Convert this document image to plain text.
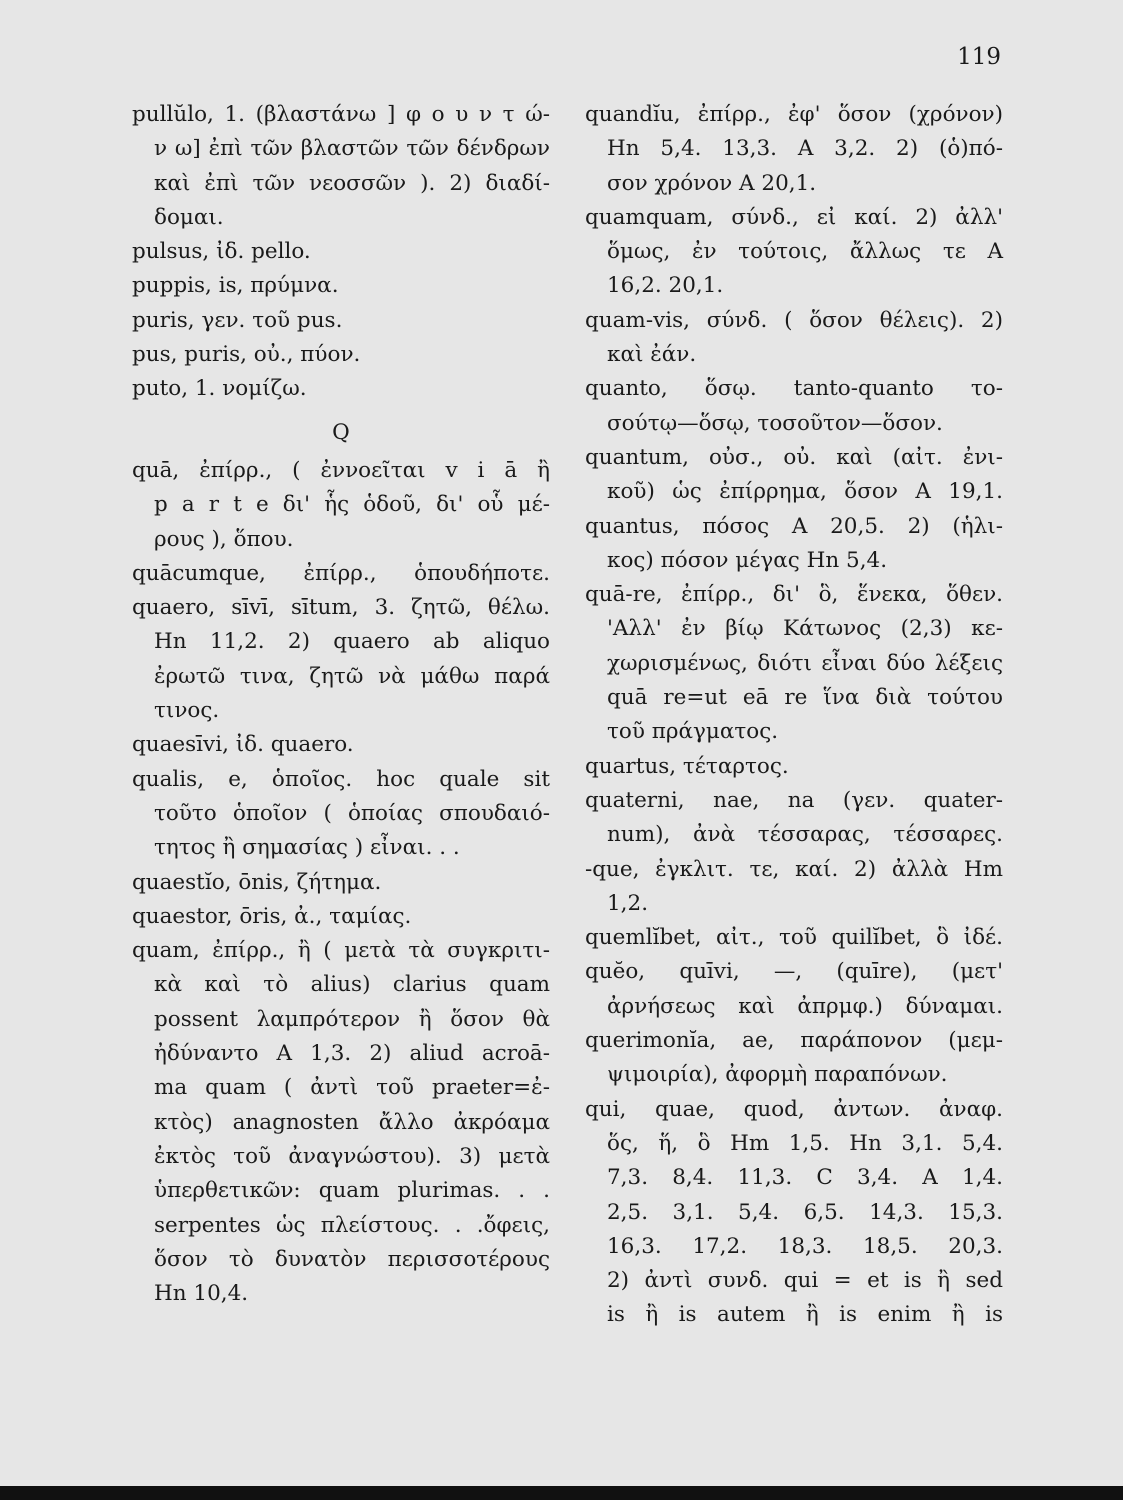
119
pullŭlo, 1. (βλαστάνω ] φ ο υ ν τ ώ-
ν ω] ἐπὶ τῶν βλαστῶν τῶν δένδρων
καὶ ἐπὶ τῶν νεοσσῶν ). 2) διαδί-
δομαι.
pulsus, ἰδ. pello.
puppis, is, πρύμνα.
puris, γεν. τοῦ pus.
pus, puris, οὐ., πύον.
puto, 1. νομίζω.
Q
quā, ἐπίρρ., ( ἐννοεῖται v i ā ἢ
p a r t e δι' ἧς ὁδοῦ, δι' οὗ μέ-
ρους ), ὅπου.
quācumque, ἐπίρρ., ὁπουδήποτε.
quaero, sīvī, sītum, 3. ζητῶ, θέλω.
Hn 11,2. 2) quaero ab aliquo
ἐρωτῶ τινα, ζητῶ νὰ μάθω παρά
τινος.
quaesīvi, ἰδ. quaero.
qualis, e, ὁποῖος. hoc quale sit
τοῦτο ὁποῖον ( ὁποίας σπουδαιό-
τητος ἢ σημασίας ) εἶναι. . .
quaestĭo, ōnis, ζήτημα.
quaestor, ōris, ἀ., ταμίας.
quam, ἐπίρρ., ἢ ( μετὰ τὰ συγκριτι-
κὰ καὶ τὸ alius) clarius quam
possent λαμπρότερον ἢ ὅσον θὰ
ἠδύναντο A 1,3. 2) aliud acroā-
ma quam ( ἀντὶ τοῦ praeter=ἐ-
κτὸς) anagnosten ἄλλο ἀκρόαμα
ἐκτὸς τοῦ ἀναγνώστου). 3) μετὰ
ὑπερθετικῶν: quam plurimas. . .
serpentes ὡς πλείστους. . .ὄφεις,
ὅσον τὸ δυνατὸν περισσοτέρους
Hn 10,4.
quandĭu, ἐπίρρ., ἐφ' ὅσον (χρόνον)
Hn 5,4. 13,3. A 3,2. 2) (ὁ)πό-
σον χρόνον A 20,1.
quamquam, σύνδ., εἰ καί. 2) ἀλλ'
ὅμως, ἐν τούτοις, ἄλλως τε A
16,2. 20,1.
quam-vis, σύνδ. ( ὅσον θέλεις). 2)
καὶ ἐάν.
quanto, ὅσῳ. tanto-quanto το-
σούτῳ—ὅσῳ, τοσοῦτον—ὅσον.
quantum, οὐσ., οὐ. καὶ (αἰτ. ἐνι-
κοῦ) ὡς ἐπίρρημα, ὅσον A 19,1.
quantus, πόσος A 20,5. 2) (ἡλι-
κος) πόσον μέγας Hn 5,4.
quā-re, ἐπίρρ., δι' ὃ, ἕνεκα, ὅθεν.
'Αλλ' ἐν βίῳ Κάτωνος (2,3) κε-
χωρισμένως, διότι εἶναι δύο λέξεις
quā re=ut eā re ἵνα διὰ τούτου
τοῦ πράγματος.
quartus, τέταρτος.
quaterni, nae, na (γεν. quater-
num), ἀνὰ τέσσαρας, τέσσαρες.
-que, ἐγκλιτ. τε, καί. 2) ἀλλὰ Hm
1,2.
quemlĭbet, αἰτ., τοῦ quilĭbet, ὃ ἰδέ.
quĕo, quīvi, —, (quīre), (μετ'
ἀρνήσεως καὶ ἀπρμφ.) δύναμαι.
querimonĭa, ae, παράπονον (μεμ-
ψιμοιρία), ἀφορμὴ παραπόνων.
qui, quae, quod, ἀντων. ἀναφ.
ὅς, ἥ, ὃ Hm 1,5. Hn 3,1. 5,4.
7,3. 8,4. 11,3. C 3,4. A 1,4.
2,5. 3,1. 5,4. 6,5. 14,3. 15,3.
16,3. 17,2. 18,3. 18,5. 20,3.
2) ἀντὶ συνδ. qui = et is ἢ sed
is ἢ is autem ἢ is enim ἢ is
